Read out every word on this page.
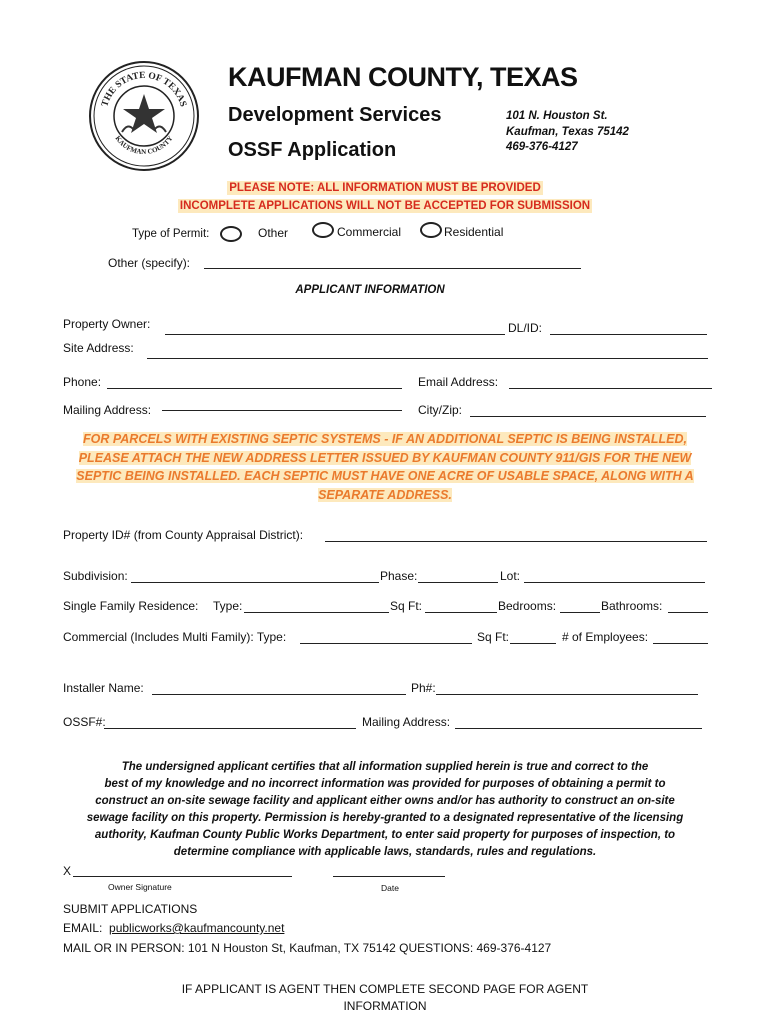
THE STATE OF TEXAS
KAUFMAN COUNTY
KAUFMAN COUNTY, TEXAS
Development Services
OSSF Application
101 N. Houston St.
Kaufman, Texas 75142
469-376-4127
PLEASE NOTE: ALL INFORMATION MUST BE PROVIDED
INCOMPLETE APPLICATIONS WILL NOT BE ACCEPTED FOR SUBMISSION
Type of Permit:	Other	Commercial	Residential
Other (specify):
APPLICANT INFORMATION
Property Owner:	DL/ID:
Site Address:
Phone:	Email Address:
Mailing Address:	City/Zip:
FOR PARCELS WITH EXISTING SEPTIC SYSTEMS - IF AN ADDITIONAL SEPTIC IS BEING INSTALLED,
PLEASE ATTACH THE NEW ADDRESS LETTER ISSUED BY KAUFMAN COUNTY 911/GIS FOR THE NEW
SEPTIC BEING INSTALLED. EACH SEPTIC MUST HAVE ONE ACRE OF USABLE SPACE, ALONG WITH A
SEPARATE ADDRESS.
Property ID# (from County Appraisal District):
Subdivision:	Phase:	Lot:
Single Family Residence: Type:	Sq Ft:	Bedrooms:	Bathrooms:
Commercial (Includes Multi Family): Type:	Sq Ft:	# of Employees:
Installer Name:	Ph#:
OSSF#:	Mailing Address:
The undersigned applicant certifies that all information supplied herein is true and correct to the
best of my knowledge and no incorrect information was provided for purposes of obtaining a permit to
construct an on-site sewage facility and applicant either owns and/or has authority to construct an on-site
sewage facility on this property. Permission is hereby-granted to a designated representative of the licensing
authority, Kaufman County Public Works Department, to enter said property for purposes of inspection, to
determine compliance with applicable laws, standards, rules and regulations.
X
Owner Signature	Date
SUBMIT APPLICATIONS
EMAIL: publicworks@kaufmancounty.net
MAIL OR IN PERSON: 101 N Houston St, Kaufman, TX 75142 QUESTIONS: 469-376-4127
IF APPLICANT IS AGENT THEN COMPLETE SECOND PAGE FOR AGENT
INFORMATION
